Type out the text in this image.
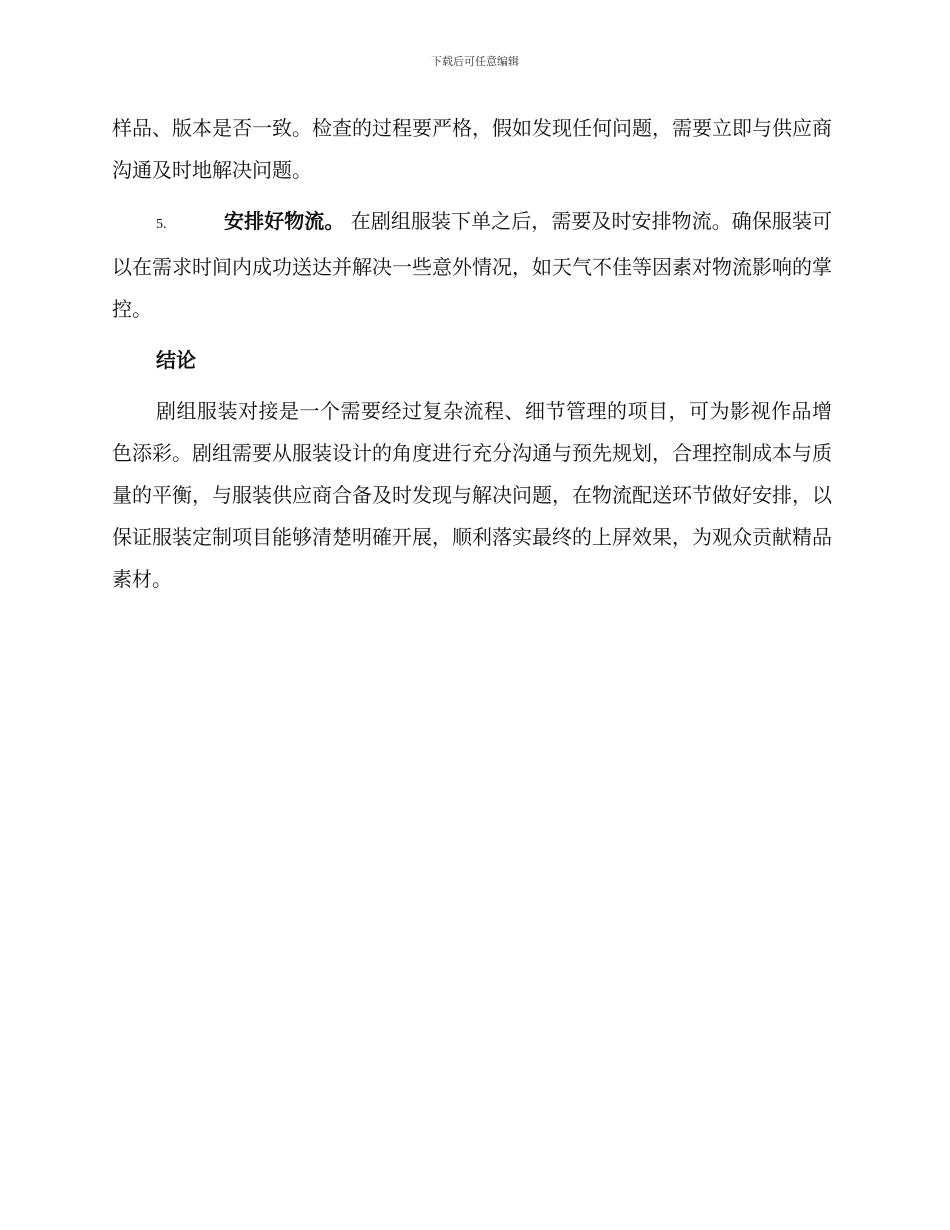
下载后可任意编辑

样品、版本是否一致。检查的过程要严格，假如发现任何问题，需要立即与供应商沟通及时地解决问题。

5.	安排好物流。 在剧组服装下单之后，需要及时安排物流。确保服装可以在需求时间内成功送达并解决一些意外情况，如天气不佳等因素对物流影响的掌控。

结论

剧组服装对接是一个需要经过复杂流程、细节管理的项目，可为影视作品增色添彩。剧组需要从服装设计的角度进行充分沟通与预先规划，合理控制成本与质量的平衡，与服装供应商合备及时发现与解决问题，在物流配送环节做好安排，以保证服装定制项目能够清楚明確开展，顺利落实最终的上屏效果，为观众贡献精品素材。
